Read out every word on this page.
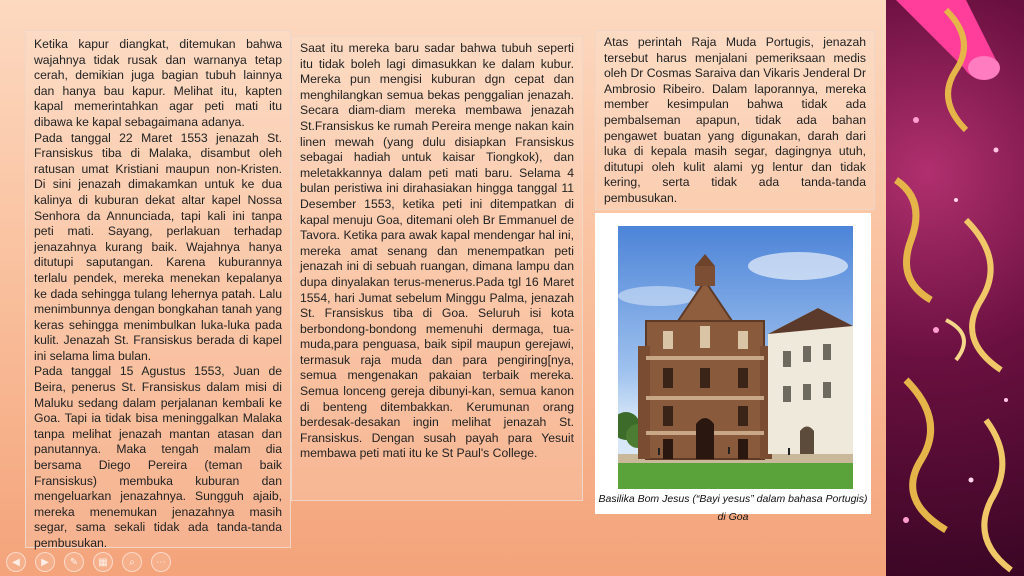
Ketika kapur diangkat, ditemukan bahwa wajahnya tidak rusak dan warnanya tetap cerah, demikian juga bagian tubuh lainnya dan hanya bau kapur. Melihat itu, kapten kapal memerintahkan agar peti mati itu dibawa ke kapal sebagaimana adanya.

Pada tanggal 22 Maret 1553 jenazah St. Fransiskus tiba di Malaka, disambut oleh ratusan umat Kristiani maupun non-Kristen. Di sini jenazah dimakamkan untuk ke dua kalinya di kuburan dekat altar kapel Nossa Senhora da Annunciada, tapi kali ini tanpa peti mati. Sayang, perlakuan terhadap jenazahnya kurang baik. Wajahnya hanya ditutupi saputangan. Karena kuburannya terlalu pendek, mereka menekan kepalanya ke dada sehingga tulang lehernya patah. Lalu menimbunnya dengan bongkahan tanah yang keras sehingga menimbulkan luka-luka pada kulit. Jenazah St. Fransiskus berada di kapel ini selama lima bulan.

Pada tanggal 15 Agustus 1553, Juan de Beira, penerus St. Fransiskus dalam misi di Maluku sedang dalam perjalanan kembali ke Goa. Tapi ia tidak bisa meninggalkan Malaka tanpa melihat jenazah mantan atasan dan panutannya. Maka tengah malam dia bersama Diego Pereira (teman baik Fransiskus) membuka kuburan dan mengeluarkan jenazahnya. Sungguh ajaib, mereka menemukan jenazahnya masih segar, sama sekali tidak ada tanda-tanda pembusukan.

Saat itu mereka baru sadar bahwa tubuh seperti itu tidak boleh lagi dimasukkan ke dalam kubur. Mereka pun mengisi kuburan dgn cepat dan menghilangkan semua bekas penggalian jenazah. Secara diam-diam mereka membawa jenazah St.Fransiskus ke rumah Pereira menge nakan kain linen mewah (yang dulu disiapkan Fransiskus sebagai hadiah untuk kaisar Tiongkok), dan meletakkannya dalam peti mati baru. Selama 4 bulan peristiwa ini dirahasiakan hingga tanggal 11 Desember 1553, ketika peti ini ditempatkan di kapal menuju Goa, ditemani oleh Br Emmanuel de Tavora. Ketika para awak kapal mendengar hal ini, mereka amat senang dan menempatkan peti jenazah ini di sebuah ruangan, dimana lampu dan dupa dinyalakan terus-menerus.Pada tgl 16 Maret 1554, hari Jumat sebelum Minggu Palma, jenazah St. Fransiskus tiba di Goa. Seluruh isi kota berbondong-bondong memenuhi dermaga, tua-muda,para penguasa, baik sipil maupun gerejawi, termasuk raja muda dan para pengiring[nya, semua mengenakan pakaian terbaik mereka. Semua lonceng gereja dibunyi-kan, semua kanon di benteng ditembakkan. Kerumunan orang berdesak-desakan ingin melihat jenazah St. Fransiskus. Dengan susah payah para Yesuit membawa peti mati itu ke St Paul's College.

Atas perintah Raja Muda Portugis, jenazah tersebut harus menjalani pemeriksaan medis oleh Dr Cosmas Saraiva dan Vikaris Jenderal Dr Ambrosio Ribeiro. Dalam laporannya, mereka member kesimpulan bahwa tidak ada pembalseman apapun, tidak ada bahan pengawet buatan yang digunakan, darah dari luka di kepala masih segar, dagingnya utuh, ditutupi oleh kulit alami yg lentur dan tidak kering, serta tidak ada tanda-tanda pembusukan.

Basilika Bom Jesus (“Bayi yesus” dalam bahasa Portugis) di Goa
◀ ▶ ✎ ▦ ⌕ ⋯
